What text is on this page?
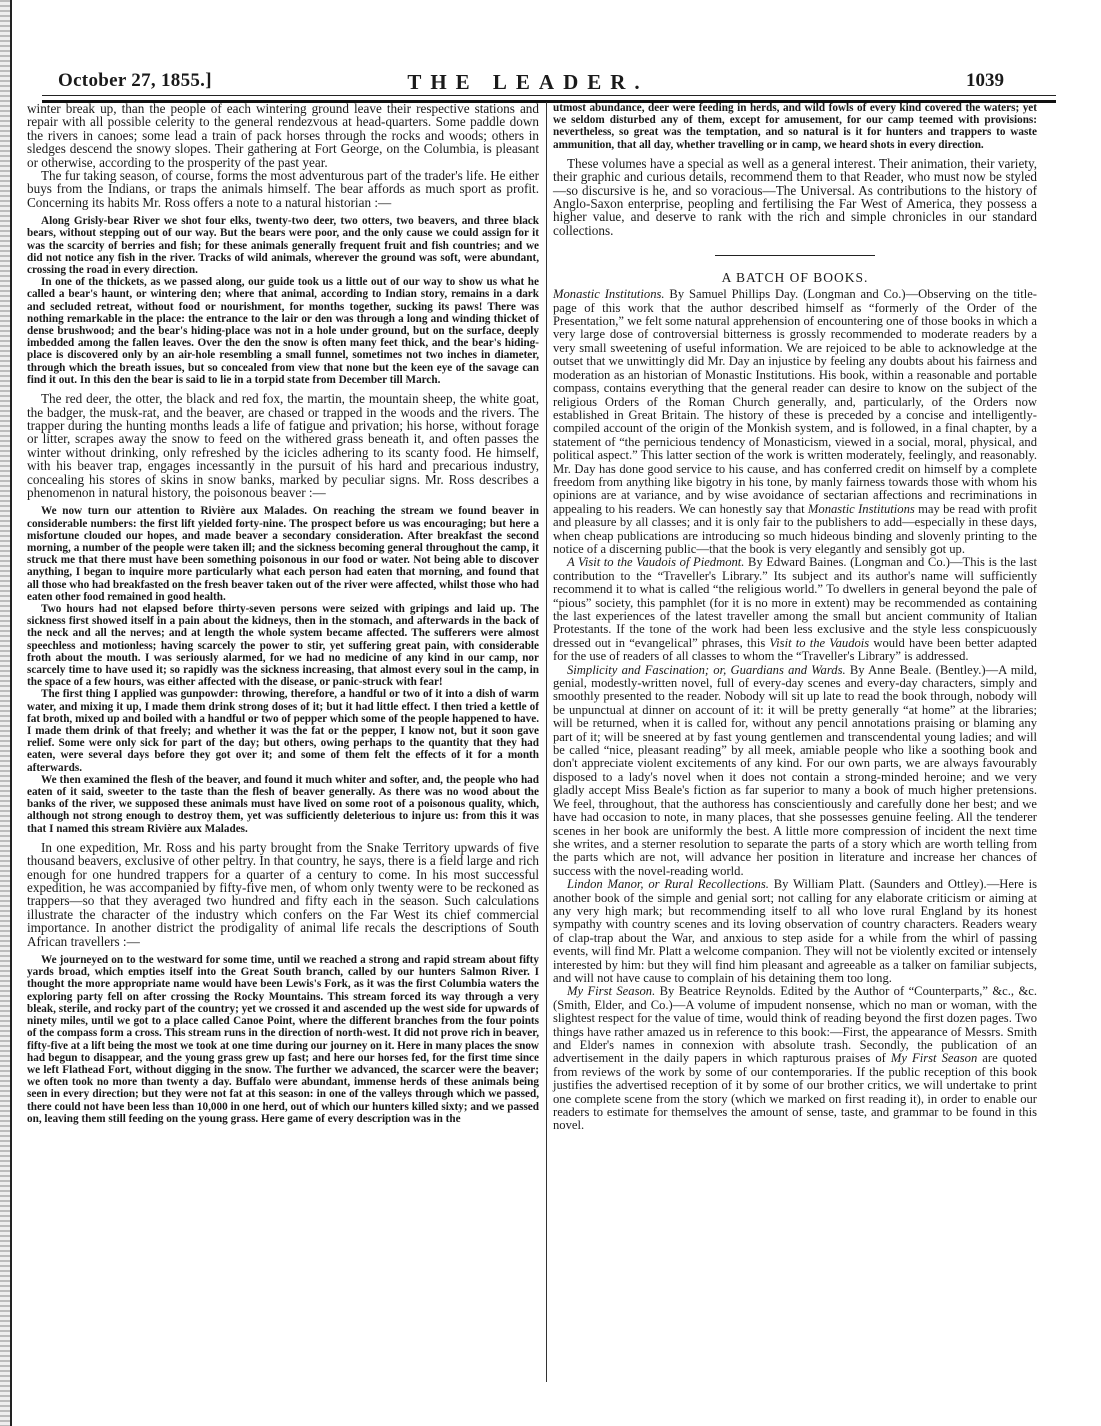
October 27, 1855.]	THE LEADER.	1039

winter break up, than the people of each wintering ground leave their respective stations and repair with all possible celerity to the general rendezvous at head-quarters. Some paddle down the rivers in canoes; some lead a train of pack horses through the rocks and woods; others in sledges descend the snowy slopes. Their gathering at Fort George, on the Columbia, is pleasant or otherwise, according to the prosperity of the past year.

The fur taking season, of course, forms the most adventurous part of the trader's life. He either buys from the Indians, or traps the animals himself. The bear affords as much sport as profit. Concerning its habits Mr. Ross offers a note to a natural historian :—

Along Grisly-bear River we shot four elks, twenty-two deer, two otters, two beavers, and three black bears, without stepping out of our way. But the bears were poor, and the only cause we could assign for it was the scarcity of berries and fish; for these animals generally frequent fruit and fish countries; and we did not notice any fish in the river. Tracks of wild animals, wherever the ground was soft, were abundant, crossing the road in every direction.

In one of the thickets, as we passed along, our guide took us a little out of our way to show us what he called a bear's haunt, or wintering den; where that animal, according to Indian story, remains in a dark and secluded retreat, without food or nourishment, for months together, sucking its paws! There was nothing remarkable in the place: the entrance to the lair or den was through a long and winding thicket of dense brushwood; and the bear's hiding-place was not in a hole under ground, but on the surface, deeply imbedded among the fallen leaves. Over the den the snow is often many feet thick, and the bear's hiding-place is discovered only by an air-hole resembling a small funnel, sometimes not two inches in diameter, through which the breath issues, but so concealed from view that none but the keen eye of the savage can find it out. In this den the bear is said to lie in a torpid state from December till March.

The red deer, the otter, the black and red fox, the martin, the mountain sheep, the white goat, the badger, the musk-rat, and the beaver, are chased or trapped in the woods and the rivers. The trapper during the hunting months leads a life of fatigue and privation; his horse, without forage or litter, scrapes away the snow to feed on the withered grass beneath it, and often passes the winter without drinking, only refreshed by the icicles adhering to its scanty food. He himself, with his beaver trap, engages incessantly in the pursuit of his hard and precarious industry, concealing his stores of skins in snow banks, marked by peculiar signs. Mr. Ross describes a phenomenon in natural history, the poisonous beaver :—

We now turn our attention to Rivière aux Malades. On reaching the stream we found beaver in considerable numbers: the first lift yielded forty-nine. The prospect before us was encouraging; but here a misfortune clouded our hopes, and made beaver a secondary consideration. After breakfast the second morning, a number of the people were taken ill; and the sickness becoming general throughout the camp, it struck me that there must have been something poisonous in our food or water. Not being able to discover anything, I began to inquire more particularly what each person had eaten that morning, and found that all those who had breakfasted on the fresh beaver taken out of the river were affected, whilst those who had eaten other food remained in good health.

Two hours had not elapsed before thirty-seven persons were seized with gripings and laid up. The sickness first showed itself in a pain about the kidneys, then in the stomach, and afterwards in the back of the neck and all the nerves; and at length the whole system became affected. The sufferers were almost speechless and motionless; having scarcely the power to stir, yet suffering great pain, with considerable froth about the mouth. I was seriously alarmed, for we had no medicine of any kind in our camp, nor scarcely time to have used it; so rapidly was the sickness increasing, that almost every soul in the camp, in the space of a few hours, was either affected with the disease, or panic-struck with fear!

The first thing I applied was gunpowder: throwing, therefore, a handful or two of it into a dish of warm water, and mixing it up, I made them drink strong doses of it; but it had little effect. I then tried a kettle of fat broth, mixed up and boiled with a handful or two of pepper which some of the people happened to have. I made them drink of that freely; and whether it was the fat or the pepper, I know not, but it soon gave relief. Some were only sick for part of the day; but others, owing perhaps to the quantity that they had eaten, were several days before they got over it; and some of them felt the effects of it for a month afterwards.

We then examined the flesh of the beaver, and found it much whiter and softer, and, the people who had eaten of it said, sweeter to the taste than the flesh of beaver generally. As there was no wood about the banks of the river, we supposed these animals must have lived on some root of a poisonous quality, which, although not strong enough to destroy them, yet was sufficiently deleterious to injure us: from this it was that I named this stream Rivière aux Malades.

In one expedition, Mr. Ross and his party brought from the Snake Territory upwards of five thousand beavers, exclusive of other peltry. In that country, he says, there is a field large and rich enough for one hundred trappers for a quarter of a century to come. In his most successful expedition, he was accompanied by fifty-five men, of whom only twenty were to be reckoned as trappers—so that they averaged two hundred and fifty each in the season. Such calculations illustrate the character of the industry which confers on the Far West its chief commercial importance. In another district the prodigality of animal life recals the descriptions of South African travellers :—

We journeyed on to the westward for some time, until we reached a strong and rapid stream about fifty yards broad, which empties itself into the Great South branch, called by our hunters Salmon River. I thought the more appropriate name would have been Lewis's Fork, as it was the first Columbia waters the exploring party fell on after crossing the Rocky Mountains. This stream forced its way through a very bleak, sterile, and rocky part of the country; yet we crossed it and ascended up the west side for upwards of ninety miles, until we got to a place called Canoe Point, where the different branches from the four points of the compass form a cross. This stream runs in the direction of north-west. It did not prove rich in beaver, fifty-five at a lift being the most we took at one time during our journey on it. Here in many places the snow had begun to disappear, and the young grass grew up fast; and here our horses fed, for the first time since we left Flathead Fort, without digging in the snow. The further we advanced, the scarcer were the beaver; we often took no more than twenty a day. Buffalo were abundant, immense herds of these animals being seen in every direction; but they were not fat at this season: in one of the valleys through which we passed, there could not have been less than 10,000 in one herd, out of which our hunters killed sixty; and we passed on, leaving them still feeding on the young grass. Here game of every description was in the

utmost abundance, deer were feeding in herds, and wild fowls of every kind covered the waters; yet we seldom disturbed any of them, except for amusement, for our camp teemed with provisions: nevertheless, so great was the temptation, and so natural is it for hunters and trappers to waste ammunition, that all day, whether travelling or in camp, we heard shots in every direction.

These volumes have a special as well as a general interest. Their animation, their variety, their graphic and curious details, recommend them to that Reader, who must now be styled—so discursive is he, and so voracious—The Universal. As contributions to the history of Anglo-Saxon enterprise, peopling and fertilising the Far West of America, they possess a higher value, and deserve to rank with the rich and simple chronicles in our standard collections.

A BATCH OF BOOKS.

Monastic Institutions. By Samuel Phillips Day. (Longman and Co.)—Observing on the title-page of this work that the author described himself as “formerly of the Order of the Presentation,” we felt some natural apprehension of encountering one of those books in which a very large dose of controversial bitterness is grossly recommended to moderate readers by a very small sweetening of useful information. We are rejoiced to be able to acknowledge at the outset that we unwittingly did Mr. Day an injustice by feeling any doubts about his fairness and moderation as an historian of Monastic Institutions. His book, within a reasonable and portable compass, contains everything that the general reader can desire to know on the subject of the religious Orders of the Roman Church generally, and, particularly, of the Orders now established in Great Britain. The history of these is preceded by a concise and intelligently-compiled account of the origin of the Monkish system, and is followed, in a final chapter, by a statement of “the pernicious tendency of Monasticism, viewed in a social, moral, physical, and political aspect.” This latter section of the work is written moderately, feelingly, and reasonably. Mr. Day has done good service to his cause, and has conferred credit on himself by a complete freedom from anything like bigotry in his tone, by manly fairness towards those with whom his opinions are at variance, and by wise avoidance of sectarian affections and recriminations in appealing to his readers. We can honestly say that Monastic Institutions may be read with profit and pleasure by all classes; and it is only fair to the publishers to add—especially in these days, when cheap publications are introducing so much hideous binding and slovenly printing to the notice of a discerning public—that the book is very elegantly and sensibly got up.

A Visit to the Vaudois of Piedmont. By Edward Baines. (Longman and Co.)—This is the last contribution to the “Traveller's Library.” Its subject and its author's name will sufficiently recommend it to what is called “the religious world.” To dwellers in general beyond the pale of “pious” society, this pamphlet (for it is no more in extent) may be recommended as containing the last experiences of the latest traveller among the small but ancient community of Italian Protestants. If the tone of the work had been less exclusive and the style less conspicuously dressed out in “evangelical” phrases, this Visit to the Vaudois would have been better adapted for the use of readers of all classes to whom the “Traveller's Library” is addressed.

Simplicity and Fascination; or, Guardians and Wards. By Anne Beale. (Bentley.)—A mild, genial, modestly-written novel, full of every-day scenes and every-day characters, simply and smoothly presented to the reader. Nobody will sit up late to read the book through, nobody will be unpunctual at dinner on account of it: it will be pretty generally “at home” at the libraries; will be returned, when it is called for, without any pencil annotations praising or blaming any part of it; will be sneered at by fast young gentlemen and transcendental young ladies; and will be called “nice, pleasant reading” by all meek, amiable people who like a soothing book and don't appreciate violent excitements of any kind. For our own parts, we are always favourably disposed to a lady's novel when it does not contain a strong-minded heroine; and we very gladly accept Miss Beale's fiction as far superior to many a book of much higher pretensions. We feel, throughout, that the authoress has conscientiously and carefully done her best; and we have had occasion to note, in many places, that she possesses genuine feeling. All the tenderer scenes in her book are uniformly the best. A little more compression of incident the next time she writes, and a sterner resolution to separate the parts of a story which are worth telling from the parts which are not, will advance her position in literature and increase her chances of success with the novel-reading world.

Lindon Manor, or Rural Recollections. By William Platt. (Saunders and Ottley).—Here is another book of the simple and genial sort; not calling for any elaborate criticism or aiming at any very high mark; but recommending itself to all who love rural England by its honest sympathy with country scenes and its loving observation of country characters. Readers weary of clap-trap about the War, and anxious to step aside for a while from the whirl of passing events, will find Mr. Platt a welcome companion. They will not be violently excited or intensely interested by him: but they will find him pleasant and agreeable as a talker on familiar subjects, and will not have cause to complain of his detaining them too long.

My First Season. By Beatrice Reynolds. Edited by the Author of “Counterparts,” &c., &c. (Smith, Elder, and Co.)—A volume of impudent nonsense, which no man or woman, with the slightest respect for the value of time, would think of reading beyond the first dozen pages. Two things have rather amazed us in reference to this book:—First, the appearance of Messrs. Smith and Elder's names in connexion with absolute trash. Secondly, the publication of an advertisement in the daily papers in which rapturous praises of My First Season are quoted from reviews of the work by some of our contemporaries. If the public reception of this book justifies the advertised reception of it by some of our brother critics, we will undertake to print one complete scene from the story (which we marked on first reading it), in order to enable our readers to estimate for themselves the amount of sense, taste, and grammar to be found in this novel.
